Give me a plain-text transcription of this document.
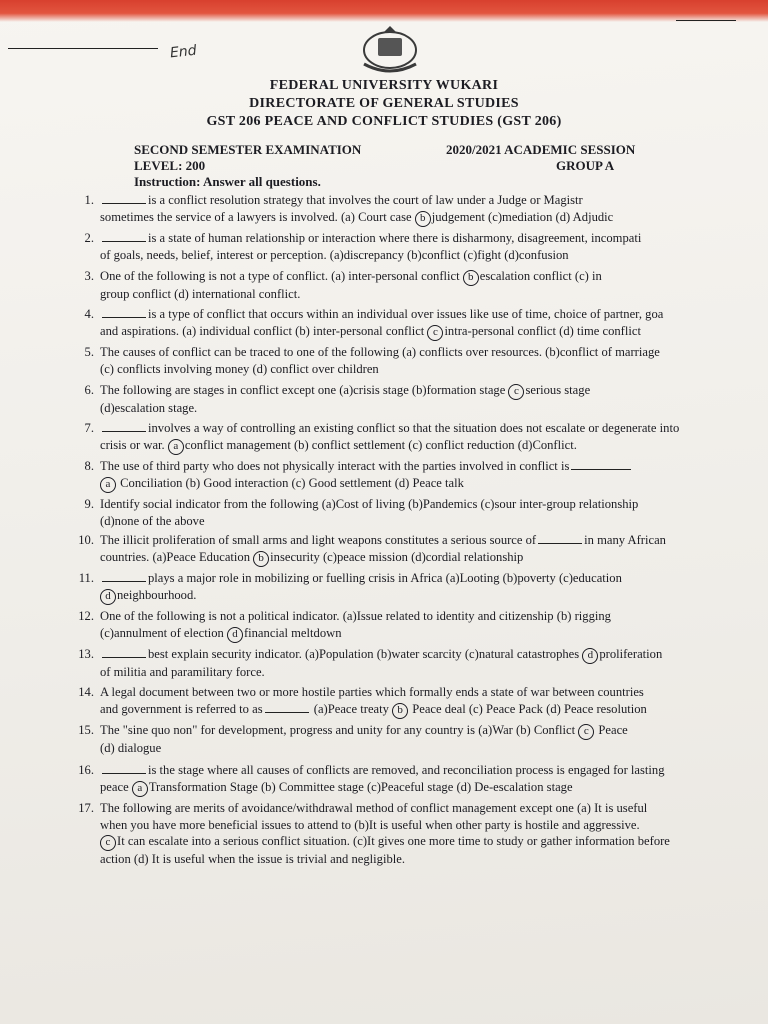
End
FEDERAL UNIVERSITY WUKARI
DIRECTORATE OF GENERAL STUDIES
GST 206 PEACE AND CONFLICT STUDIES (GST 206)
SECOND SEMESTER EXAMINATION	2020/2021 ACADEMIC SESSION
LEVEL: 200	GROUP A
Instruction: Answer all questions.
1.	is a conflict resolution strategy that involves the court of law under a Judge or Magistr
sometimes the service of a lawyers is involved. (a) Court case b judgement (c)mediation (d) Adjudic
2.	is a state of human relationship or interaction where there is disharmony, disagreement, incompati
of goals, needs, belief, interest or perception. (a)discrepancy (b)conflict (c)fight (d)confusion
3. One of the following is not a type of conflict. (a) inter-personal conflict b escalation conflict (c) in
group conflict (d) international conflict.
4.	is a type of conflict that occurs within an individual over issues like use of time, choice of partner, goa
and aspirations. (a) individual conflict (b) inter-personal conflict c intra-personal conflict (d) time conflict
5. The causes of conflict can be traced to one of the following (a) conflicts over resources. (b)conflict of marriage
(c) conflicts involving money (d) conflict over children
6. The following are stages in conflict except one (a)crisis stage (b)formation stage c serious stage
(d)escalation stage.
7.	involves a way of controlling an existing conflict so that the situation does not escalate or degenerate into
crisis or war. a conflict management (b) conflict settlement (c) conflict reduction (d)Conflict.
8. The use of third party who does not physically interact with the parties involved in conflict is
a Conciliation (b) Good interaction (c) Good settlement (d) Peace talk
9. Identify social indicator from the following (a)Cost of living (b)Pandemics (c)sour inter-group relationship
(d)none of the above
10. The illicit proliferation of small arms and light weapons constitutes a serious source of	in many African
countries. (a)Peace Education b insecurity (c)peace mission (d)cordial relationship
11.	plays a major role in mobilizing or fuelling crisis in Africa (a)Looting (b)poverty (c)education
d neighbourhood.
12. One of the following is not a political indicator. (a)Issue related to identity and citizenship (b) rigging
(c)annulment of election d financial meltdown
13.	best explain security indicator. (a)Population (b)water scarcity (c)natural catastrophes d proliferation
of militia and paramilitary force.
14. A legal document between two or more hostile parties which formally ends a state of war between countries
and government is referred to as	(a)Peace treaty b Peace deal (c) Peace Pack (d) Peace resolution
15. The "sine quo non" for development, progress and unity for any country is (a)War (b) Conflict c Peace
(d) dialogue
16.	is the stage where all causes of conflicts are removed, and reconciliation process is engaged for lasting
peace a Transformation Stage (b) Committee stage (c)Peaceful stage (d) De-escalation stage
17. The following are merits of avoidance/withdrawal method of conflict management except one (a) It is useful
when you have more beneficial issues to attend to (b)It is useful when other party is hostile and aggressive.
c It can escalate into a serious conflict situation. (c)It gives one more time to study or gather information before
action (d) It is useful when the issue is trivial and negligible.
